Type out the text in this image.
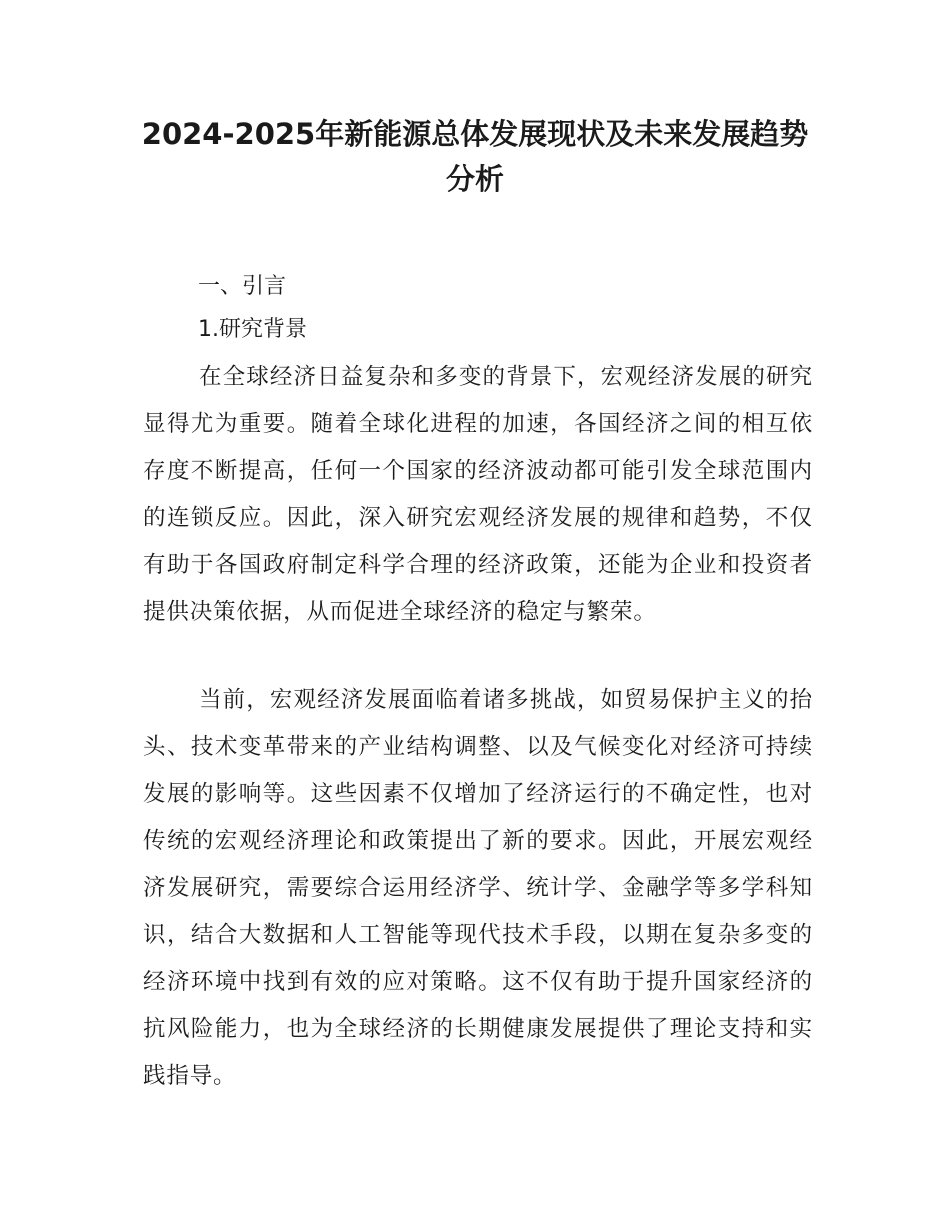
2024-2025年新能源总体发展现状及未来发展趋势分析

一、引言

1.研究背景

在全球经济日益复杂和多变的背景下，宏观经济发展的研究显得尤为重要。随着全球化进程的加速，各国经济之间的相互依存度不断提高，任何一个国家的经济波动都可能引发全球范围内的连锁反应。因此，深入研究宏观经济发展的规律和趋势，不仅有助于各国政府制定科学合理的经济政策，还能为企业和投资者提供决策依据，从而促进全球经济的稳定与繁荣。

当前，宏观经济发展面临着诸多挑战，如贸易保护主义的抬头、技术变革带来的产业结构调整、以及气候变化对经济可持续发展的影响等。这些因素不仅增加了经济运行的不确定性，也对传统的宏观经济理论和政策提出了新的要求。因此，开展宏观经济发展研究，需要综合运用经济学、统计学、金融学等多学科知识，结合大数据和人工智能等现代技术手段，以期在复杂多变的经济环境中找到有效的应对策略。这不仅有助于提升国家经济的抗风险能力，也为全球经济的长期健康发展提供了理论支持和实践指导。
